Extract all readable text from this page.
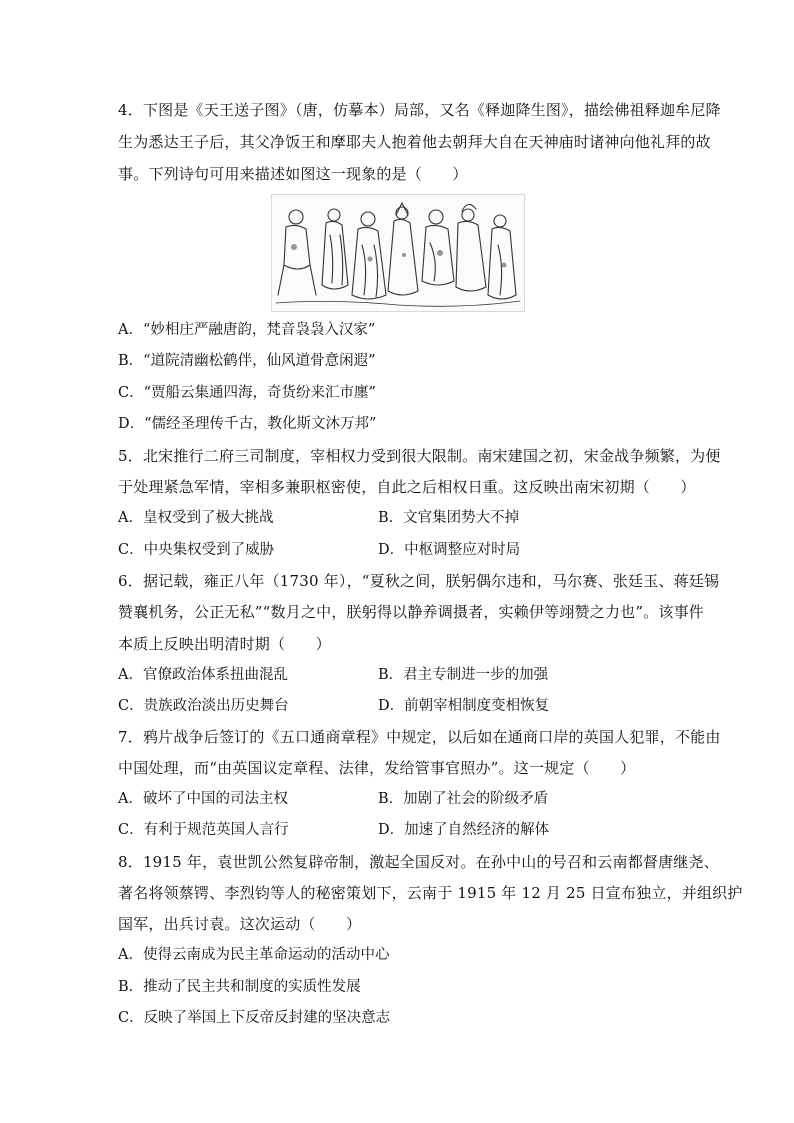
4．下图是《天王送子图》（唐，仿摹本）局部，又名《释迦降生图》，描绘佛祖释迦牟尼降
生为悉达王子后，其父净饭王和摩耶夫人抱着他去朝拜大自在天神庙时诸神向他礼拜的故
事。下列诗句可用来描述如图这一现象的是（　　）
A．“妙相庄严融唐韵，梵音袅袅入汉家”
B．“道院清幽松鹤伴，仙风道骨意闲遐”
C．“贾船云集通四海，奇货纷来汇市廛”
D．“儒经圣理传千古，教化斯文沐万邦”
5．北宋推行二府三司制度，宰相权力受到很大限制。南宋建国之初，宋金战争频繁，为便
于处理紧急军情，宰相多兼职枢密使，自此之后相权日重。这反映出南宋初期（　　）
A．皇权受到了极大挑战	B．文官集团势大不掉
C．中央集权受到了威胁	D．中枢调整应对时局
6．据记载，雍正八年（1730 年），“夏秋之间，朕躬偶尔违和，马尔赛、张廷玉、蒋廷锡
赞襄机务，公正无私”“数月之中，朕躬得以静养调摄者，实赖伊等翊赞之力也”。该事件
本质上反映出明清时期（　　）
A．官僚政治体系扭曲混乱	B．君主专制进一步的加强
C．贵族政治淡出历史舞台	D．前朝宰相制度变相恢复
7．鸦片战争后签订的《五口通商章程》中规定，以后如在通商口岸的英国人犯罪，不能由
中国处理，而“由英国议定章程、法律，发给管事官照办”。这一规定（　　）
A．破坏了中国的司法主权	B．加剧了社会的阶级矛盾
C．有利于规范英国人言行	D．加速了自然经济的解体
8．1915 年，袁世凯公然复辟帝制，激起全国反对。在孙中山的号召和云南都督唐继尧、
著名将领蔡锷、李烈钧等人的秘密策划下，云南于 1915 年 12 月 25 日宣布独立，并组织护
国军，出兵讨袁。这次运动（　　）
A．使得云南成为民主革命运动的活动中心
B．推动了民主共和制度的实质性发展
C．反映了举国上下反帝反封建的坚决意志
